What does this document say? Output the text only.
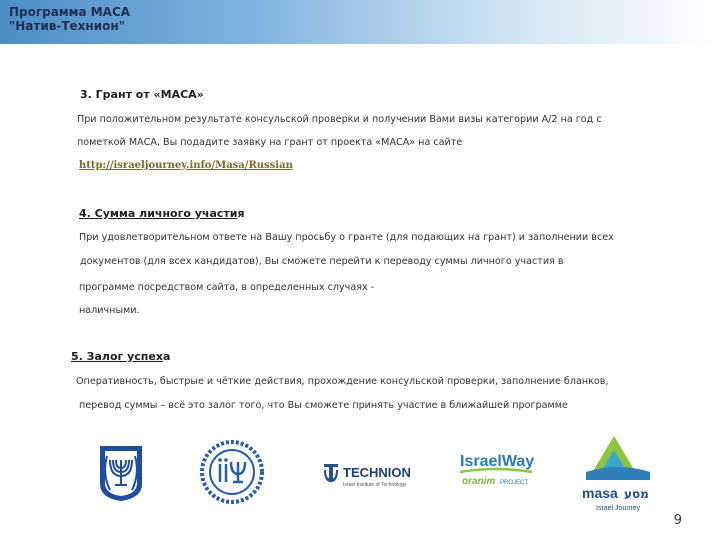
Программа МАСА
"Натив-Технион"
3. Грант от «МАСА»
При положительном результате консульской проверки и получении Вами визы категории А/2 на год с
пометкой МАСА, Вы подадите заявку на грант от проекта «МАСА» на сайте
http://israeljourney.info/Masa/Russian
4. Сумма личного участия
При удовлетворительном ответе на Вашу просьбу о гранте (для подающих на грант) и заполнении всех
документов (для всех кандидатов), Вы сможете перейти к переводу суммы личного участия в
программе посредством сайта, в определенных случаях -
наличными.
5. Залог успеха
Оперативность, быстрые и чёткие действия, прохождение консульской проверки, заполнение бланков,
перевод суммы – всё это залог того, что Вы сможете принять участие в ближайшей программе
TECHNION
Israel Institute of Technology
IsraelWay
oranim PROJECT
masa מסע
Israel Journey
9
